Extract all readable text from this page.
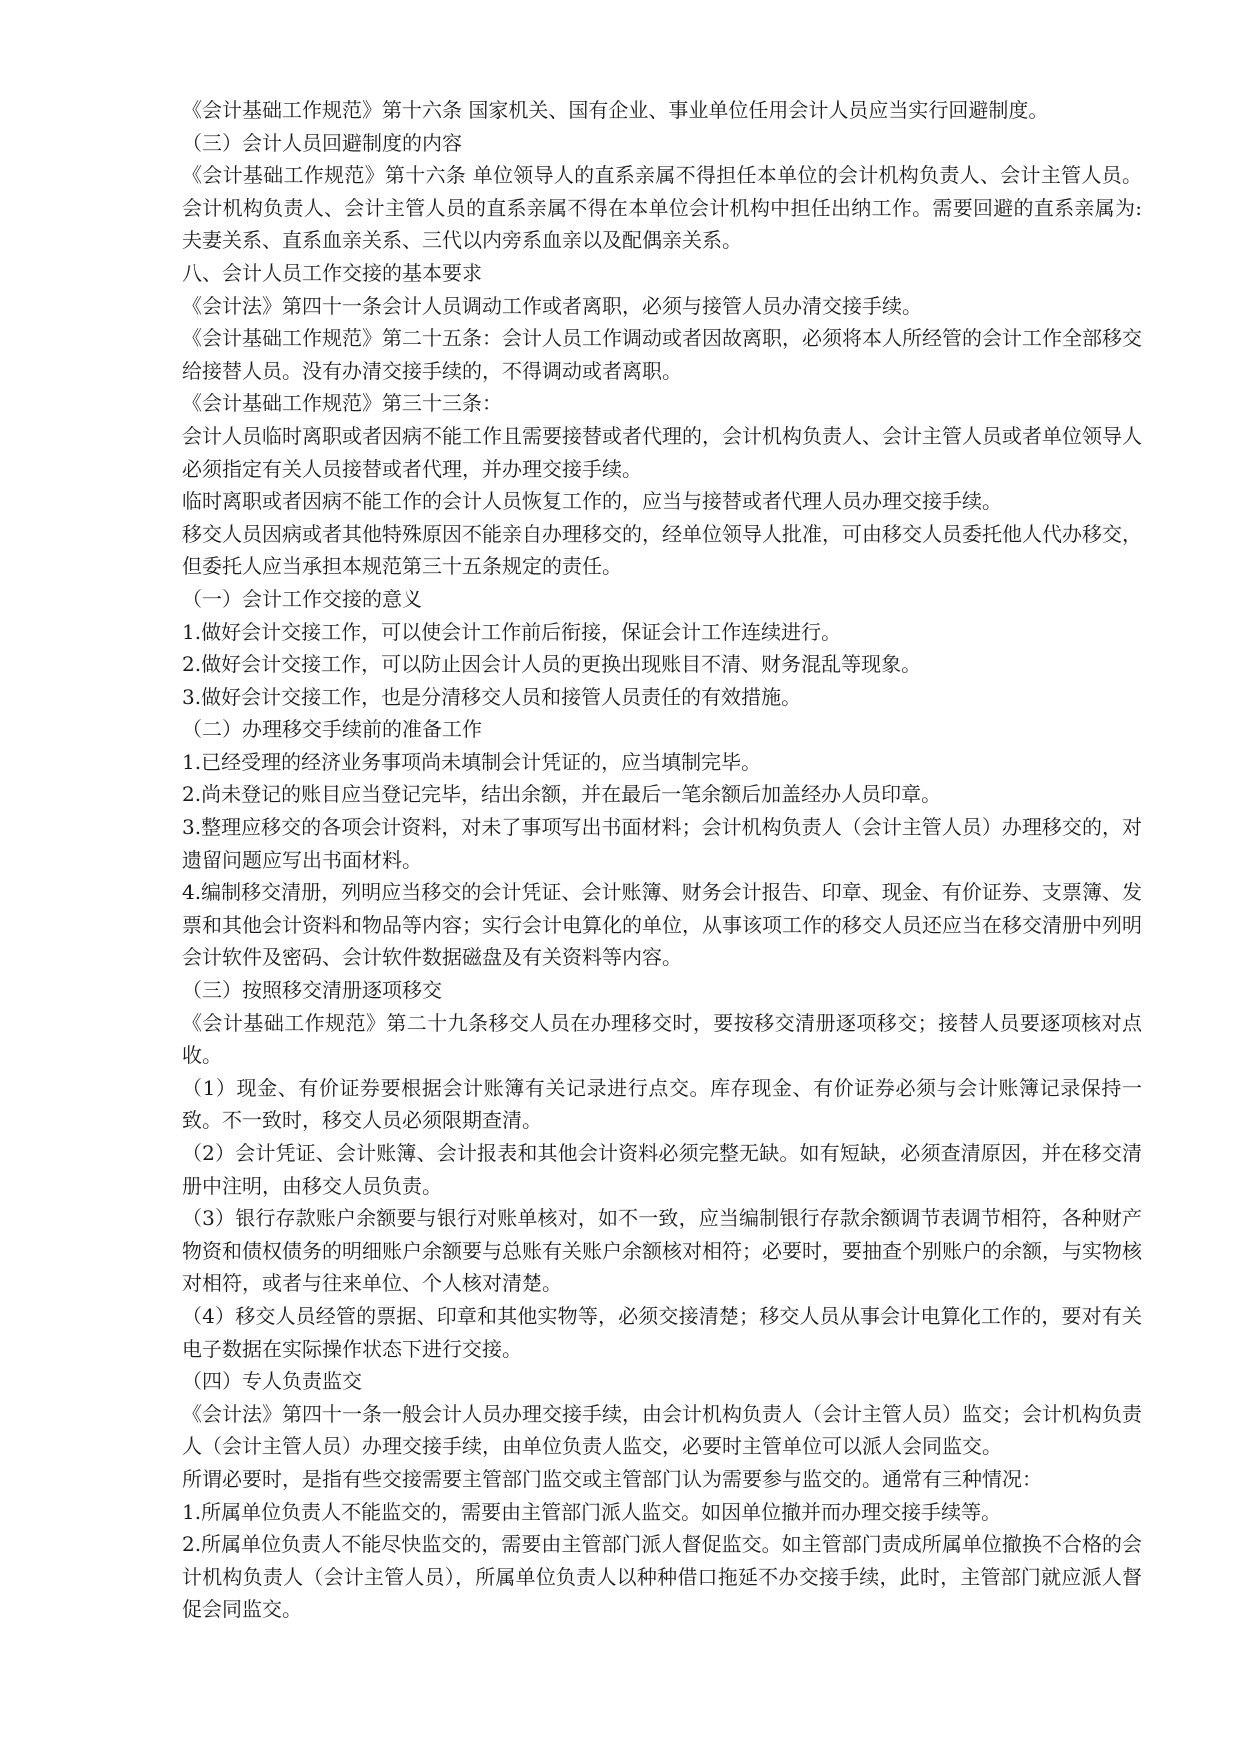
《会计基础工作规范》第十六条 国家机关、国有企业、事业单位任用会计人员应当实行回避制度。

（三）会计人员回避制度的内容

《会计基础工作规范》第十六条 单位领导人的直系亲属不得担任本单位的会计机构负责人、会计主管人员。会计机构负责人、会计主管人员的直系亲属不得在本单位会计机构中担任出纳工作。需要回避的直系亲属为:夫妻关系、直系血亲关系、三代以内旁系血亲以及配偶亲关系。

八、会计人员工作交接的基本要求

《会计法》第四十一条会计人员调动工作或者离职，必须与接管人员办清交接手续。

《会计基础工作规范》第二十五条：会计人员工作调动或者因故离职，必须将本人所经管的会计工作全部移交给接替人员。没有办清交接手续的，不得调动或者离职。

《会计基础工作规范》第三十三条：

会计人员临时离职或者因病不能工作且需要接替或者代理的，会计机构负责人、会计主管人员或者单位领导人必须指定有关人员接替或者代理，并办理交接手续。

临时离职或者因病不能工作的会计人员恢复工作的，应当与接替或者代理人员办理交接手续。

移交人员因病或者其他特殊原因不能亲自办理移交的，经单位领导人批准，可由移交人员委托他人代办移交，但委托人应当承担本规范第三十五条规定的责任。

（一）会计工作交接的意义

1.做好会计交接工作，可以使会计工作前后衔接，保证会计工作连续进行。

2.做好会计交接工作，可以防止因会计人员的更换出现账目不清、财务混乱等现象。

3.做好会计交接工作，也是分清移交人员和接管人员责任的有效措施。

（二）办理移交手续前的准备工作

1.已经受理的经济业务事项尚未填制会计凭证的，应当填制完毕。

2.尚未登记的账目应当登记完毕，结出余额，并在最后一笔余额后加盖经办人员印章。

3.整理应移交的各项会计资料，对未了事项写出书面材料；会计机构负责人（会计主管人员）办理移交的，对遗留问题应写出书面材料。

4.编制移交清册，列明应当移交的会计凭证、会计账簿、财务会计报告、印章、现金、有价证券、支票簿、发票和其他会计资料和物品等内容；实行会计电算化的单位，从事该项工作的移交人员还应当在移交清册中列明会计软件及密码、会计软件数据磁盘及有关资料等内容。

（三）按照移交清册逐项移交

《会计基础工作规范》第二十九条移交人员在办理移交时，要按移交清册逐项移交；接替人员要逐项核对点收。

（1）现金、有价证券要根据会计账簿有关记录进行点交。库存现金、有价证券必须与会计账簿记录保持一致。不一致时，移交人员必须限期查清。

（2）会计凭证、会计账簿、会计报表和其他会计资料必须完整无缺。如有短缺，必须查清原因，并在移交清册中注明，由移交人员负责。

（3）银行存款账户余额要与银行对账单核对，如不一致，应当编制银行存款余额调节表调节相符，各种财产物资和债权债务的明细账户余额要与总账有关账户余额核对相符；必要时，要抽查个别账户的余额，与实物核对相符，或者与往来单位、个人核对清楚。

（4）移交人员经管的票据、印章和其他实物等，必须交接清楚；移交人员从事会计电算化工作的，要对有关电子数据在实际操作状态下进行交接。

（四）专人负责监交

《会计法》第四十一条一般会计人员办理交接手续，由会计机构负责人（会计主管人员）监交；会计机构负责人（会计主管人员）办理交接手续，由单位负责人监交，必要时主管单位可以派人会同监交。

所谓必要时，是指有些交接需要主管部门监交或主管部门认为需要参与监交的。通常有三种情况：

1.所属单位负责人不能监交的，需要由主管部门派人监交。如因单位撤并而办理交接手续等。

2.所属单位负责人不能尽快监交的，需要由主管部门派人督促监交。如主管部门责成所属单位撤换不合格的会计机构负责人（会计主管人员），所属单位负责人以种种借口拖延不办交接手续，此时，主管部门就应派人督促会同监交。
